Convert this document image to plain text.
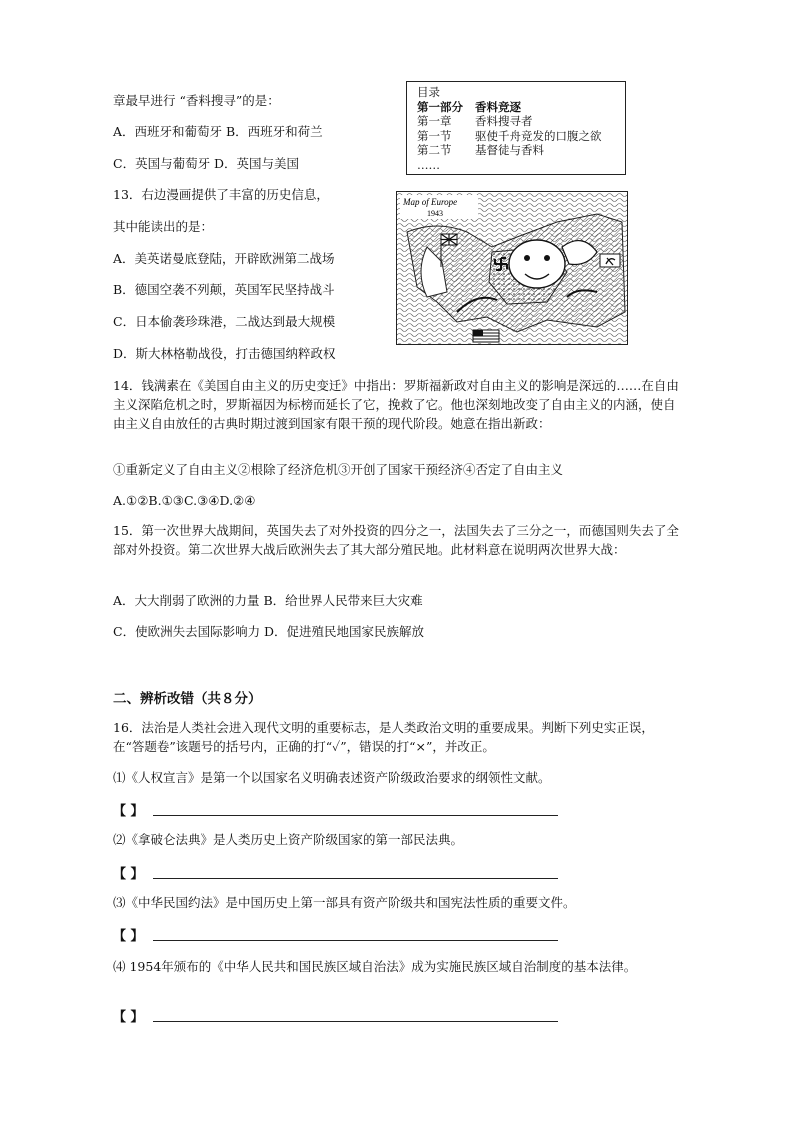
章最早进行 “香料搜寻”的是：
A．西班牙和葡萄牙 B．西班牙和荷兰
C．英国与葡萄牙 D．英国与美国
目录
第一部分 香料竞逐
第一章	香料搜寻者
第一节	驱使千舟竞发的口腹之欲
第二节	基督徒与香料
……
13．右边漫画提供了丰富的历史信息，
其中能读出的是：
A．美英诺曼底登陆，开辟欧洲第二战场
B．德国空袭不列颠，英国军民坚持战斗
C．日本偷袭珍珠港，二战达到最大规模
D．斯大林格勒战役，打击德国纳粹政权
Map of Europe
1943
14．钱满素在《美国自由主义的历史变迁》中指出：罗斯福新政对自由主义的影响是深远的……在自由主义深陷危机之时，罗斯福因为标榜而延长了它，挽救了它。他也深刻地改变了自由主义的内涵，使自由主义自由放任的古典时期过渡到国家有限干预的现代阶段。她意在指出新政：
①重新定义了自由主义②根除了经济危机③开创了国家干预经济④否定了自由主义
A.①②B.①③C.③④D.②④
15．第一次世界大战期间，英国失去了对外投资的四分之一，法国失去了三分之一，而德国则失去了全部对外投资。第二次世界大战后欧洲失去了其大部分殖民地。此材料意在说明两次世界大战：
A．大大削弱了欧洲的力量 B．给世界人民带来巨大灾难
C．使欧洲失去国际影响力 D．促进殖民地国家民族解放
二、辨析改错（共８分）
16．法治是人类社会进入现代文明的重要标志，是人类政治文明的重要成果。判断下列史实正误， 在“答题卷”该题号的括号内，正确的打“✓”，错误的打“×”，并改正。
⑴《人权宣言》是第一个以国家名义明确表述资产阶级政治要求的纲领性文献。
【 】
⑵《拿破仑法典》是人类历史上资产阶级国家的第一部民法典。
【 】
⑶《中华民国约法》是中国历史上第一部具有资产阶级共和国宪法性质的重要文件。
【 】
⑷ 1954年颁布的《中华人民共和国民族区域自治法》成为实施民族区域自治制度的基本法律。
【 】
